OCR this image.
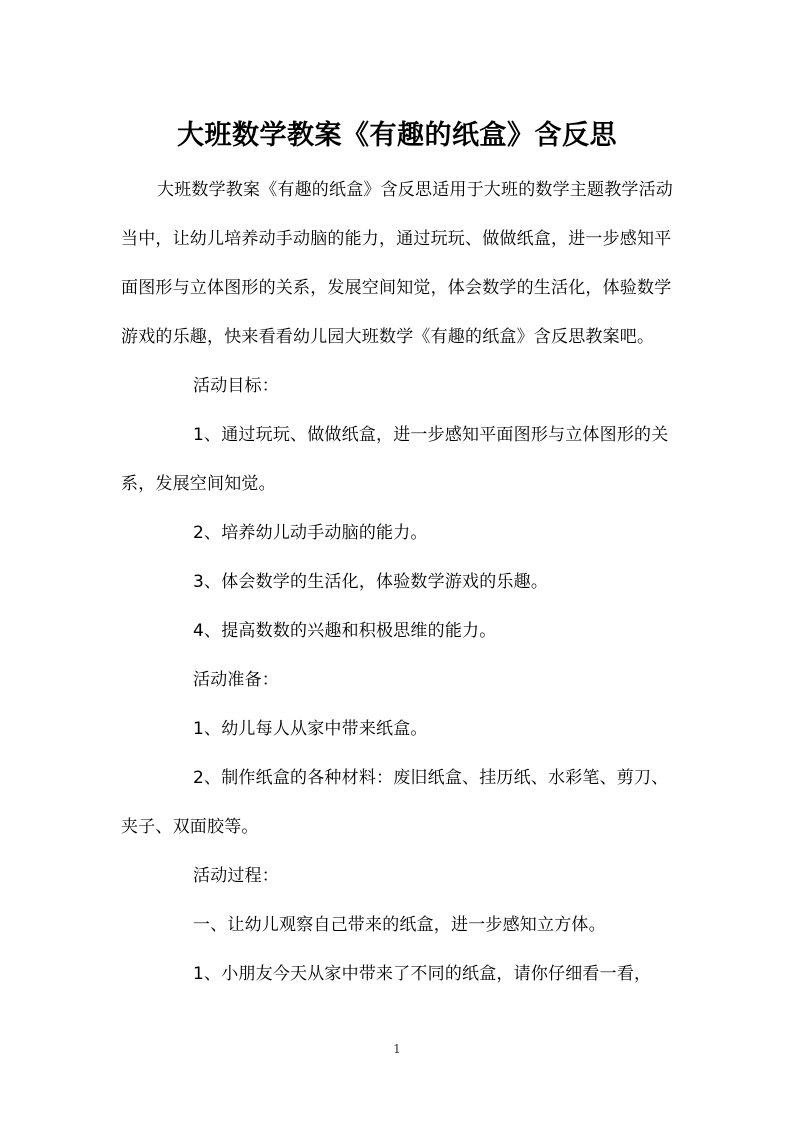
大班数学教案《有趣的纸盒》含反思

大班数学教案《有趣的纸盒》含反思适用于大班的数学主题教学活动当中，让幼儿培养动手动脑的能力，通过玩玩、做做纸盒，进一步感知平面图形与立体图形的关系，发展空间知觉，体会数学的生活化，体验数学游戏的乐趣，快来看看幼儿园大班数学《有趣的纸盒》含反思教案吧。

活动目标：

1、通过玩玩、做做纸盒，进一步感知平面图形与立体图形的关系，发展空间知觉。

2、培养幼儿动手动脑的能力。

3、体会数学的生活化，体验数学游戏的乐趣。

4、提高数数的兴趣和积极思维的能力。

活动准备：

1、幼儿每人从家中带来纸盒。

2、制作纸盒的各种材料：废旧纸盒、挂历纸、水彩笔、剪刀、夹子、双面胶等。

活动过程：

一、让幼儿观察自己带来的纸盒，进一步感知立方体。

1、小朋友今天从家中带来了不同的纸盒，请你仔细看一看，

1
